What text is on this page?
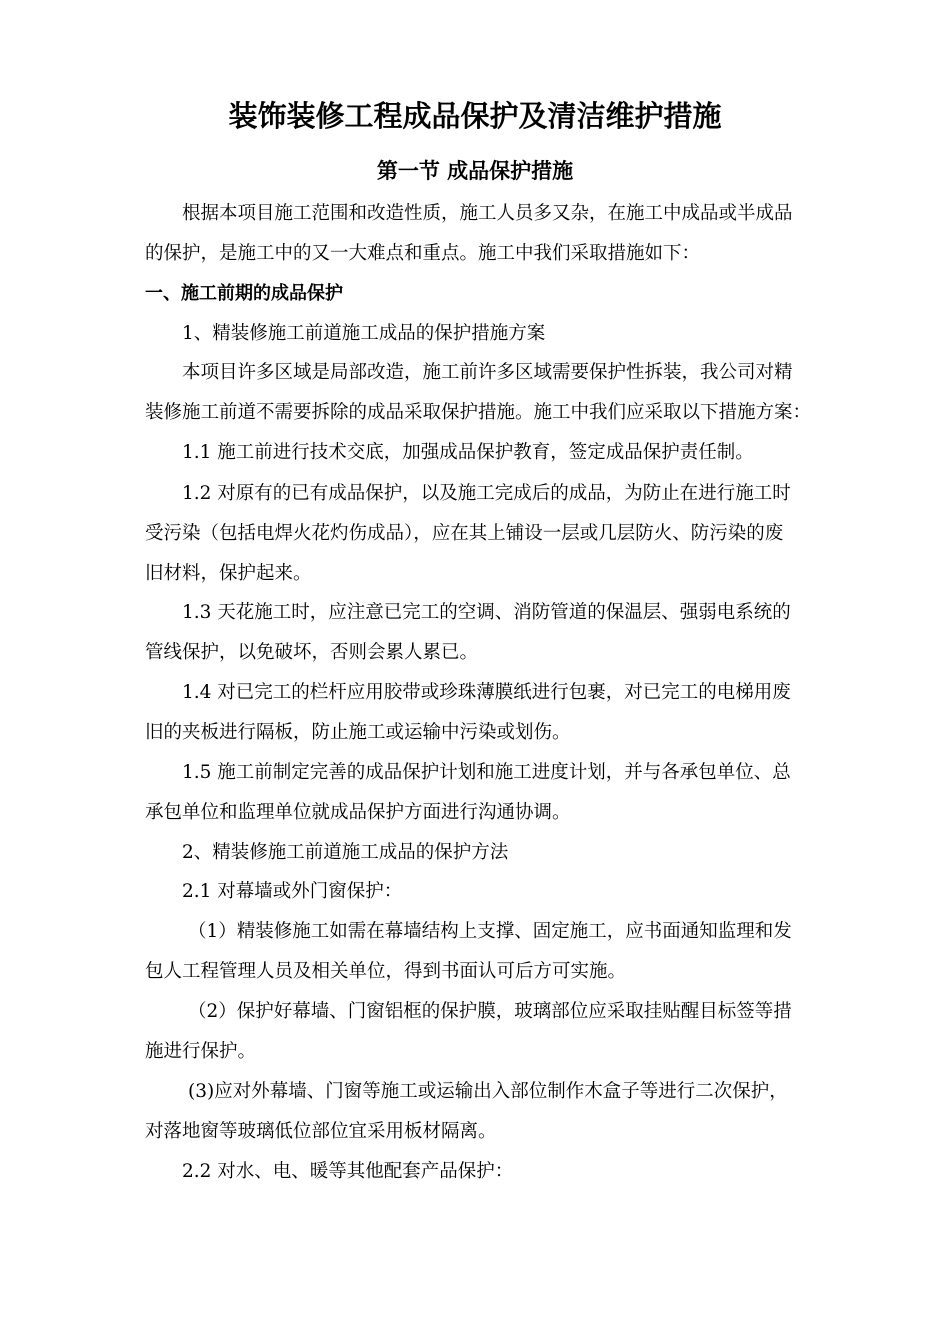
装饰装修工程成品保护及清洁维护措施
第一节 成品保护措施
根据本项目施工范围和改造性质，施工人员多又杂，在施工中成品或半成品
的保护，是施工中的又一大难点和重点。施工中我们采取措施如下：
一、施工前期的成品保护
1、精装修施工前道施工成品的保护措施方案
本项目许多区域是局部改造，施工前许多区域需要保护性拆装，我公司对精
装修施工前道不需要拆除的成品采取保护措施。施工中我们应采取以下措施方案：
1.1 施工前进行技术交底，加强成品保护教育，签定成品保护责任制。
1.2 对原有的已有成品保护，以及施工完成后的成品，为防止在进行施工时
受污染（包括电焊火花灼伤成品），应在其上铺设一层或几层防火、防污染的废
旧材料，保护起来。
1.3 天花施工时，应注意已完工的空调、消防管道的保温层、强弱电系统的
管线保护，以免破坏，否则会累人累已。
1.4 对已完工的栏杆应用胶带或珍珠薄膜纸进行包裹，对已完工的电梯用废
旧的夹板进行隔板，防止施工或运输中污染或划伤。
1.5 施工前制定完善的成品保护计划和施工进度计划，并与各承包单位、总
承包单位和监理单位就成品保护方面进行沟通协调。
2、精装修施工前道施工成品的保护方法
2.1 对幕墙或外门窗保护：
（1）精装修施工如需在幕墙结构上支撑、固定施工，应书面通知监理和发
包人工程管理人员及相关单位，得到书面认可后方可实施。
（2）保护好幕墙、门窗铝框的保护膜，玻璃部位应采取挂贴醒目标签等措
施进行保护。
(3)应对外幕墙、门窗等施工或运输出入部位制作木盒子等进行二次保护，
对落地窗等玻璃低位部位宜采用板材隔离。
2.2 对水、电、暖等其他配套产品保护：
